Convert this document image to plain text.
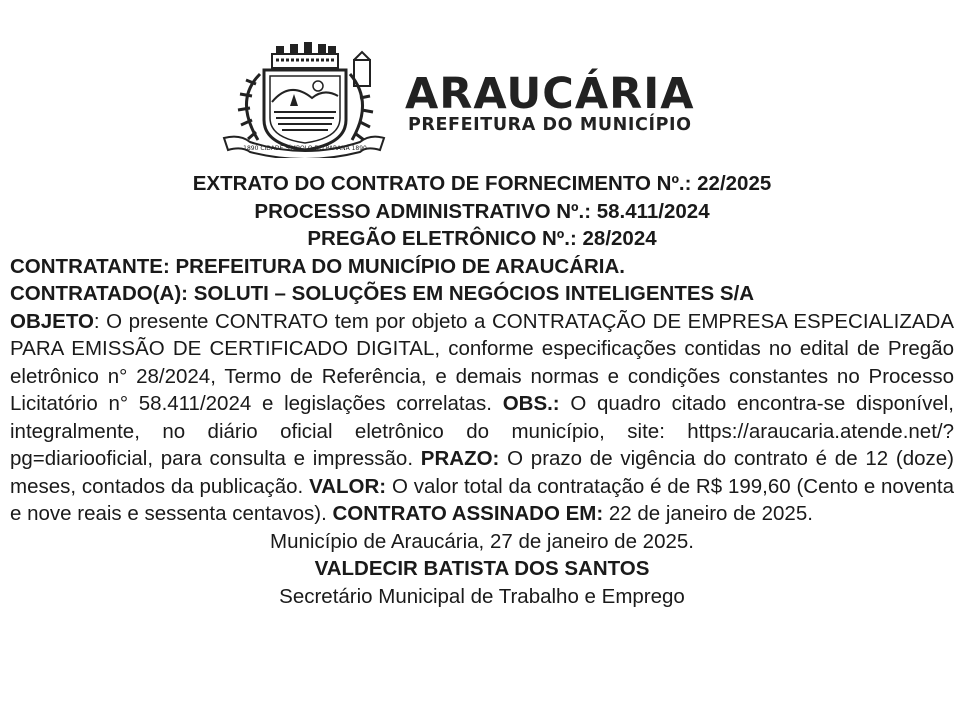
1890 CIDADE SÍMBOLO DO PARANÁ 1890
ARAUCÁRIA
PREFEITURA DO MUNICÍPIO

EXTRATO DO CONTRATO DE FORNECIMENTO Nº.: 22/2025

PROCESSO ADMINISTRATIVO Nº.: 58.411/2024

PREGÃO ELETRÔNICO Nº.: 28/2024

CONTRATANTE: PREFEITURA DO MUNICÍPIO DE ARAUCÁRIA.

CONTRATADO(A): SOLUTI – SOLUÇÕES EM NEGÓCIOS INTELIGENTES S/A

OBJETO: O presente CONTRATO tem por objeto a CONTRATAÇÃO DE EMPRESA ESPECIALIZADA PARA EMISSÃO DE CERTIFICADO DIGITAL, conforme especificações contidas no edital de Pregão eletrônico n° 28/2024, Termo de Referência, e demais normas e condições constantes no Processo Licitatório n° 58.411/2024 e legislações correlatas. OBS.: O quadro citado encontra-se disponível, integralmente, no diário oficial eletrônico do município, site: https://araucaria.atende.net/?pg=diariooficial, para consulta e impressão. PRAZO: O prazo de vigência do contrato é de 12 (doze) meses, contados da publicação. VALOR: O valor total da contratação é de R$ 199,60 (Cento e noventa e nove reais e sessenta centavos). CONTRATO ASSINADO EM: 22 de janeiro de 2025.

Município de Araucária, 27 de janeiro de 2025.

VALDECIR BATISTA DOS SANTOS

Secretário Municipal de Trabalho e Emprego
